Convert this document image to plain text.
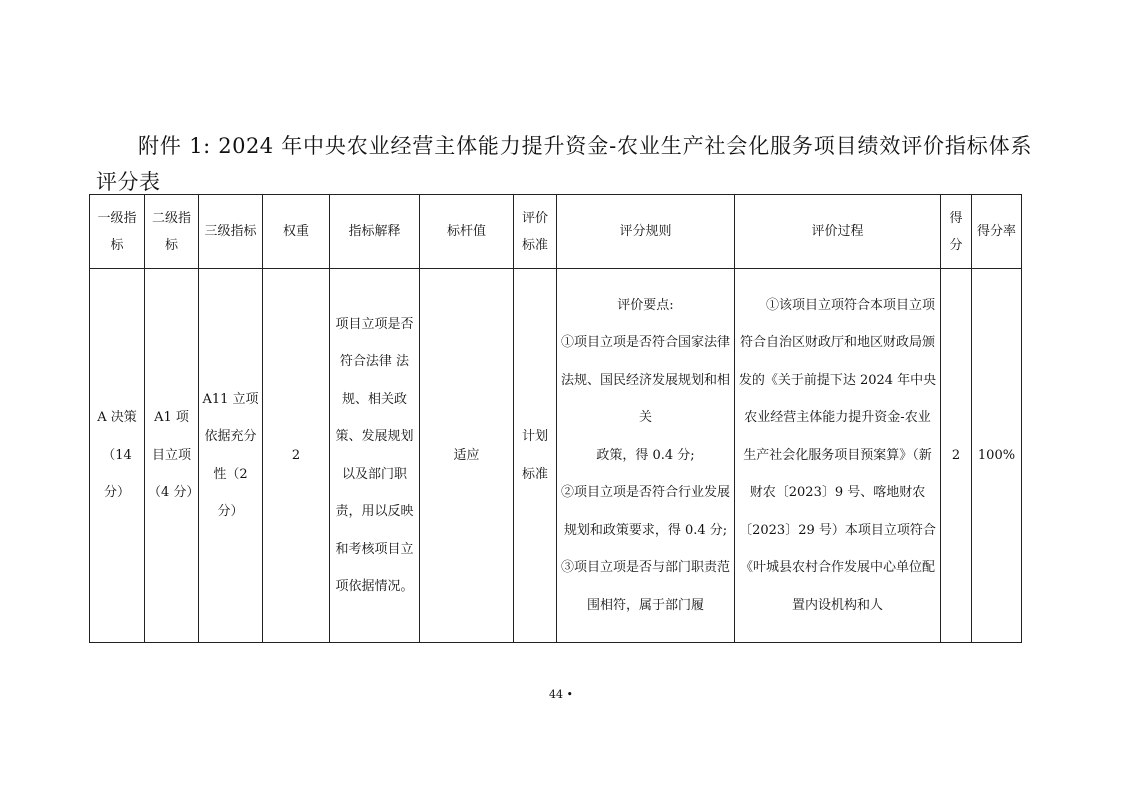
附件 1: 2024 年中央农业经营主体能力提升资金-农业生产社会化服务项目绩效评价指标体系评分表
一级指标	二级指标	三级指标	权重	指标解释	标杆值	评价标准	评分规则	评价过程	得分	得分率
A 决策（14 分）	A1 项目立项（4 分）	A11 立项依据充分性（2 分）	2	项目立项是否符合法律 法规、相关政策、发展规划以及部门职责，用以反映和考核项目立项依据情况。	适应	计划标准	评价要点:
①项目立项是否符合国家法律法规、国民经济发展规划和相关
政策，得 0.4 分;
②项目立项是否符合行业发展规划和政策要求，得 0.4 分;
③项目立项是否与部门职责范围相符，属于部门履	①该项目立项符合本项目立项符合自治区财政厅和地区财政局颁发的《关于前提下达 2024 年中央农业经营主体能力提升资金-农业生产社会化服务项目预案算》（新财农〔2023〕9 号、喀地财农〔2023〕29 号）本项目立项符合《叶城县农村合作发展中心单位配置内设机构和人	2	100%
44 •
